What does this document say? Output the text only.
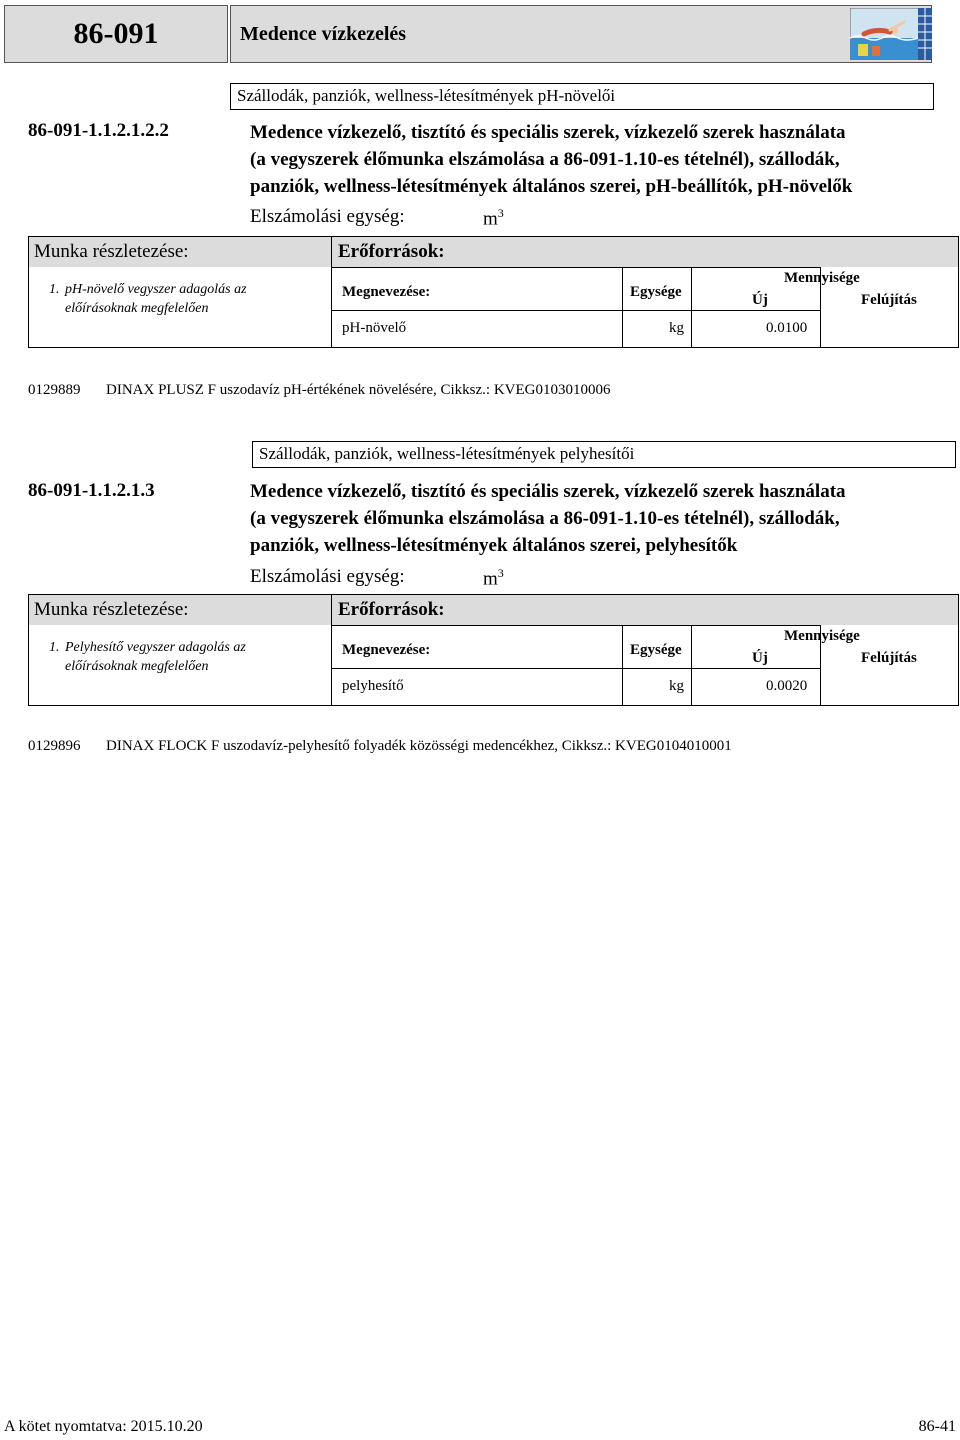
86-091	Medence vízkezelés
Szállodák, panziók, wellness-létesítmények pH-növelői
86-091-1.1.2.1.2.2	Medence vízkezelő, tisztító és speciális szerek, vízkezelő szerek használata
(a vegyszerek élőmunka elszámolása a 86-091-1.10-es tételnél), szállodák,
panziók, wellness-létesítmények általános szerei, pH-beállítók, pH-növelők
Elszámolási egység:	$m^3$
Munka részletezése:	Erőforrások:
1. pH-növelő vegyszer adagolás az
előírásoknak megfelelően
Megnevezése:	Egysége
Mennyisége
Új	Felújítás
pH-növelő	kg	0.0100
0129889 DINAX PLUSZ F uszodavíz pH-értékének növelésére, Cikksz.: KVEG0103010006
Szállodák, panziók, wellness-létesítmények pelyhesítői
86-091-1.1.2.1.3	Medence vízkezelő, tisztító és speciális szerek, vízkezelő szerek használata
(a vegyszerek élőmunka elszámolása a 86-091-1.10-es tételnél), szállodák,
panziók, wellness-létesítmények általános szerei, pelyhesítők
Elszámolási egység:	$m^3$
Munka részletezése:	Erőforrások:
1. Pelyhesítő vegyszer adagolás az
előírásoknak megfelelően
Megnevezése:	Egysége
Mennyisége
Új	Felújítás
pelyhesítő	kg	0.0020
0129896 DINAX FLOCK F uszodavíz-pelyhesítő folyadék közösségi medencékhez, Cikksz.: KVEG0104010001
A kötet nyomtatva: 2015.10.20	86-41
